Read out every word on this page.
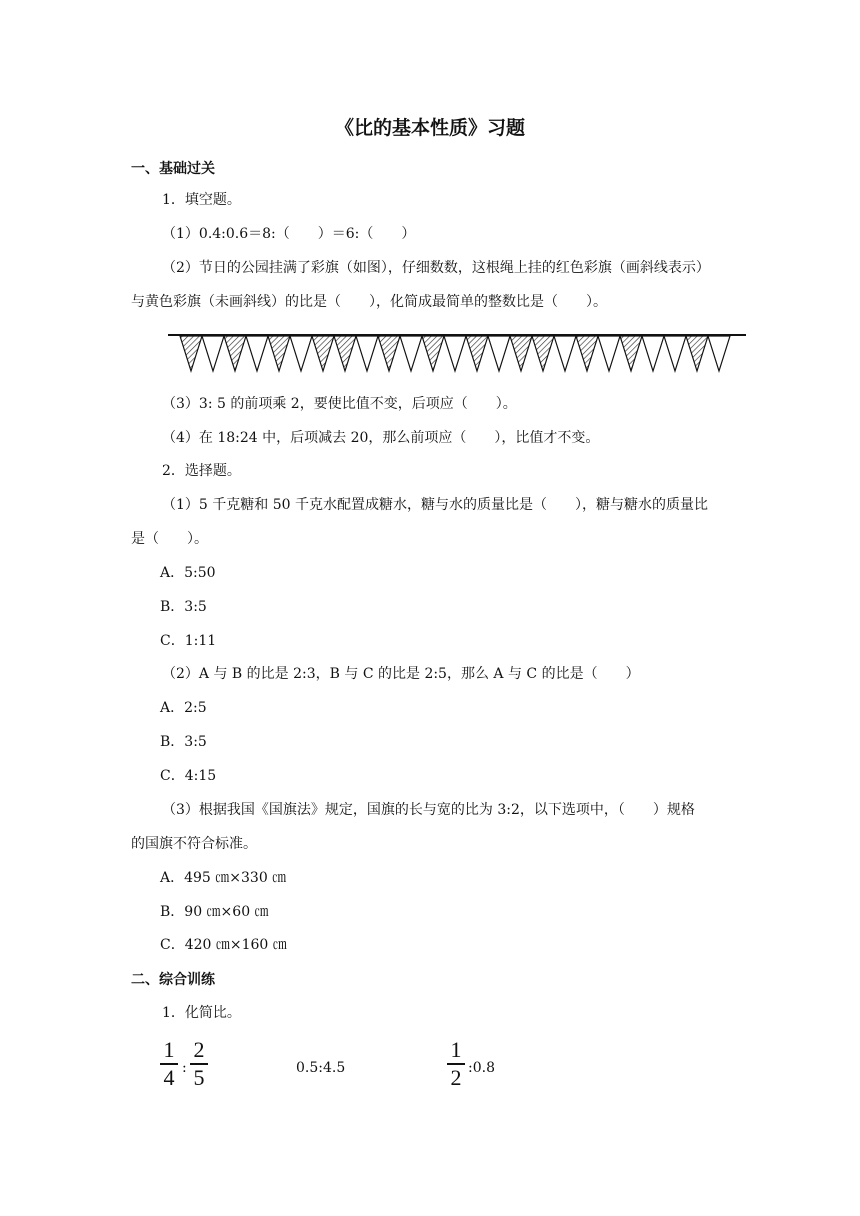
《比的基本性质》习题
一、基础过关
1．填空题。
（1）0.4:0.6＝8:（　　）＝6:（　　）
（2）节日的公园挂满了彩旗（如图），仔细数数，这根绳上挂的红色彩旗（画斜线表示）
与黄色彩旗（未画斜线）的比是（　　），化简成最简单的整数比是（　　）。
（3）3: 5 的前项乘 2，要使比值不变，后项应（　　）。
（4）在 18:24 中，后项减去 20，那么前项应（　　），比值才不变。
2．选择题。
（1）5 千克糖和 50 千克水配置成糖水，糖与水的质量比是（　　），糖与糖水的质量比
是（　　）。
A．5:50
B．3:5
C．1:11
（2）A 与 B 的比是 2:3，B 与 C 的比是 2:5，那么 A 与 C 的比是（　　）
A．2:5
B．3:5
C．4:15
（3）根据我国《国旗法》规定，国旗的长与宽的比为 3:2，以下选项中，（　　）规格
的国旗不符合标准。
A．495 ㎝×330 ㎝
B．90 ㎝×60 ㎝
C．420 ㎝×160 ㎝
二、综合训练
1．化简比。
1
4 :
2
5	0.5:4.5
1
2 :0.8
